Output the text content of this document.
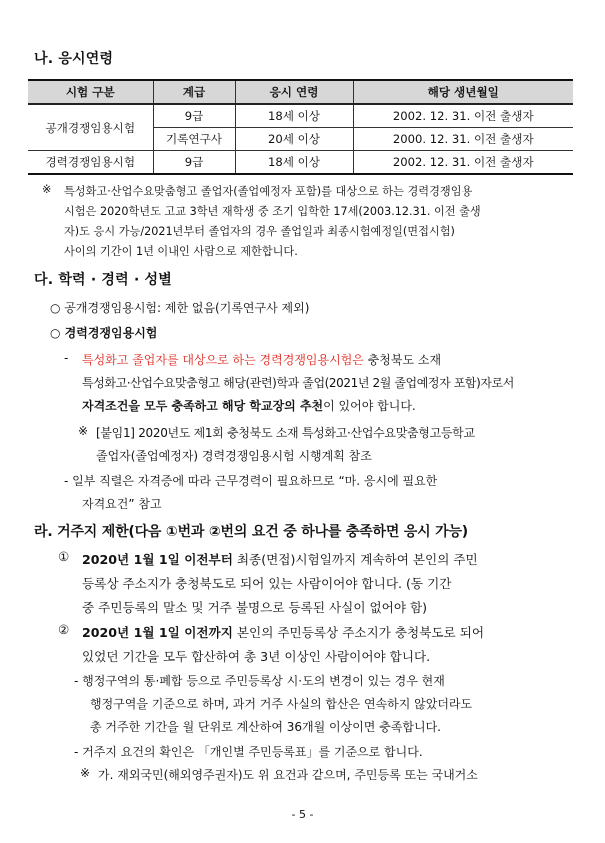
나. 응시연령
시험 구분	계급	응시 연령	해당 생년월일
공개경쟁임용시험	9급	18세 이상	2002. 12. 31. 이전 출생자
	기록연구사	20세 이상	2000. 12. 31. 이전 출생자
경력경쟁임용시험	9급	18세 이상	2002. 12. 31. 이전 출생자
※ 특성화고·산업수요맞춤형고 졸업자(졸업예정자 포함)를 대상으로 하는 경력경쟁임용
시험은 2020학년도 고교 3학년 재학생 중 조기 입학한 17세(2003.12.31. 이전 출생
자)도 응시 가능/2021년부터 졸업자의 경우 졸업일과 최종시험예정일(면접시험)
사이의 기간이 1년 이내인 사람으로 제한합니다.
다. 학력 · 경력 · 성별
○ 공개경쟁임용시험: 제한 없음(기록연구사 제외)
○ 경력경쟁임용시험
- 특성화고 졸업자를 대상으로 하는 경력경쟁임용시험은 충청북도 소재
특성화고·산업수요맞춤형고 해당(관련)학과 졸업(2021년 2월 졸업예정자 포함)자로서
자격조건을 모두 충족하고 해당 학교장의 추천이 있어야 합니다.
※ [붙임1] 2020년도 제1회 충청북도 소재 특성화고·산업수요맞춤형고등학교
졸업자(졸업예정자) 경력경쟁임용시험 시행계획 참조
- 일부 직렬은 자격증에 따라 근무경력이 필요하므로 “마. 응시에 필요한
자격요건” 참고
라. 거주지 제한(다음 ①번과 ②번의 요건 중 하나를 충족하면 응시 가능)
① 2020년 1월 1일 이전부터 최종(면접)시험일까지 계속하여 본인의 주민
등록상 주소지가 충청북도로 되어 있는 사람이어야 합니다. (동 기간
중 주민등록의 말소 및 거주 불명으로 등록된 사실이 없어야 함)
② 2020년 1월 1일 이전까지 본인의 주민등록상 주소지가 충청북도로 되어
있었던 기간을 모두 합산하여 총 3년 이상인 사람이어야 합니다.
- 행정구역의 통·폐합 등으로 주민등록상 시·도의 변경이 있는 경우 현재
행정구역을 기준으로 하며, 과거 거주 사실의 합산은 연속하지 않았더라도
총 거주한 기간을 월 단위로 계산하여 36개월 이상이면 충족합니다.
- 거주지 요건의 확인은 「개인별 주민등록표」를 기준으로 합니다.
※ 가. 재외국민(해외영주권자)도 위 요건과 같으며, 주민등록 또는 국내거소
- 5 -
